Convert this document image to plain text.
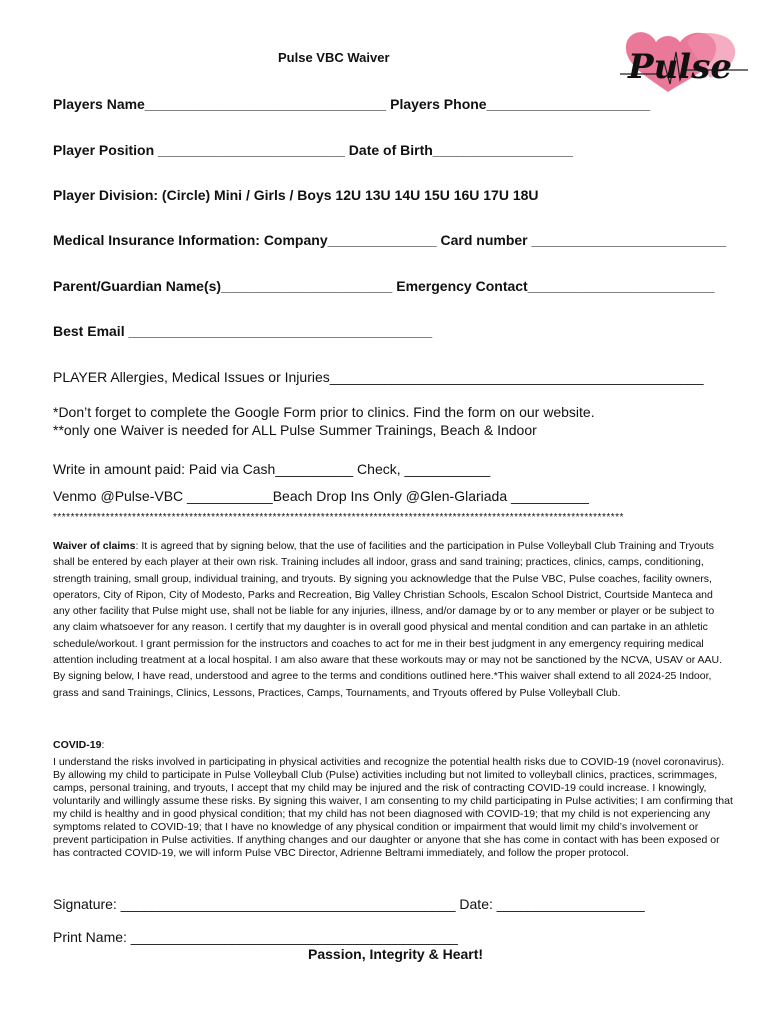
Pulse VBC Waiver	Pulse
Players Name_______________________________ Players Phone_____________________
Player Position ________________________ Date of Birth__________________
Player Division: (Circle) Mini / Girls / Boys 12U 13U 14U 15U 16U 17U 18U
Medical Insurance Information: Company______________ Card number _________________________
Parent/Guardian Name(s)______________________ Emergency Contact________________________
Best Email _______________________________________
PLAYER Allergies, Medical Issues or Injuries________________________________________________
*Don’t forget to complete the Google Form prior to clinics. Find the form on our website.
**only one Waiver is needed for ALL Pulse Summer Trainings, Beach & Indoor
Write in amount paid: Paid via Cash__________ Check, ___________
Venmo @Pulse-VBC ___________Beach Drop Ins Only @Glen-Glariada __________
**********************************************************************************************************************************
Waiver of claims: It is agreed that by signing below, that the use of facilities and the participation in Pulse Volleyball Club Training and Tryouts shall be entered by each player at their own risk. Training includes all indoor, grass and sand training; practices, clinics, camps, conditioning, strength training, small group, individual training, and tryouts. By signing you acknowledge that the Pulse VBC, Pulse coaches, facility owners, operators, City of Ripon, City of Modesto, Parks and Recreation, Big Valley Christian Schools, Escalon School District, Courtside Manteca and any other facility that Pulse might use, shall not be liable for any injuries, illness, and/or damage by or to any member or player or be subject to any claim whatsoever for any reason. I certify that my daughter is in overall good physical and mental condition and can partake in an athletic schedule/workout. I grant permission for the instructors and coaches to act for me in their best judgment in any emergency requiring medical attention including treatment at a local hospital. I am also aware that these workouts may or may not be sanctioned by the NCVA, USAV or AAU. By signing below, I have read, understood and agree to the terms and conditions outlined here.*This waiver shall extend to all 2024-25 Indoor, grass and sand Trainings, Clinics, Lessons, Practices, Camps, Tournaments, and Tryouts offered by Pulse Volleyball Club.
COVID-19:
I understand the risks involved in participating in physical activities and recognize the potential health risks due to COVID-19 (novel coronavirus). By allowing my child to participate in Pulse Volleyball Club (Pulse) activities including but not limited to volleyball clinics, practices, scrimmages, camps, personal training, and tryouts, I accept that my child may be injured and the risk of contracting COVID-19 could increase. I knowingly, voluntarily and willingly assume these risks. By signing this waiver, I am consenting to my child participating in Pulse activities; I am confirming that my child is healthy and in good physical condition; that my child has not been diagnosed with COVID-19; that my child is not experiencing any symptoms related to COVID-19; that I have no knowledge of any physical condition or impairment that would limit my child’s involvement or prevent participation in Pulse activities. If anything changes and our daughter or anyone that she has come in contact with has been exposed or has contracted COVID-19, we will inform Pulse VBC Director, Adrienne Beltrami immediately, and follow the proper protocol.
Signature: ___________________________________________ Date: ___________________
Print Name: __________________________________________
Passion, Integrity & Heart!
